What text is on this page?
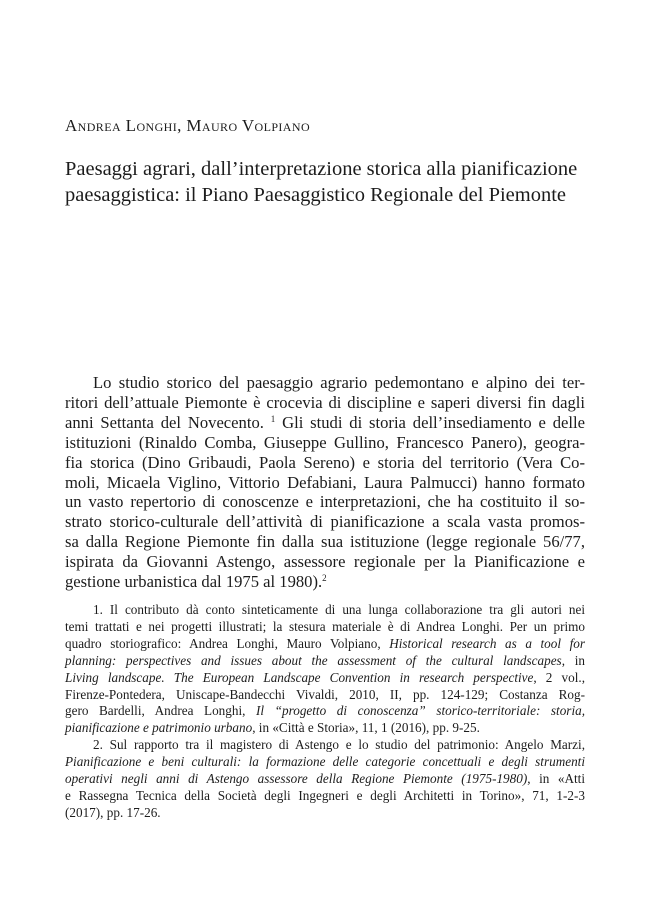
Andrea Longhi, Mauro Volpiano
Paesaggi agrari, dall’interpretazione storica alla pianificazione
paesaggistica: il Piano Paesaggistico Regionale del Piemonte
Lo studio storico del paesaggio agrario pedemontano e alpino dei ter-
ritori dell’attuale Piemonte è crocevia di discipline e saperi diversi fin dagli
anni Settanta del Novecento. $^1$ Gli studi di storia dell’insediamento e delle
istituzioni (Rinaldo Comba, Giuseppe Gullino, Francesco Panero), geogra-
fia storica (Dino Gribaudi, Paola Sereno) e storia del territorio (Vera Co-
moli, Micaela Viglino, Vittorio Defabiani, Laura Palmucci) hanno formato
un vasto repertorio di conoscenze e interpretazioni, che ha costituito il so-
strato storico-culturale dell’attività di pianificazione a scala vasta promos-
sa dalla Regione Piemonte fin dalla sua istituzione (legge regionale 56/77,
ispirata da Giovanni Astengo, assessore regionale per la Pianificazione e
gestione urbanistica dal 1975 al 1980).$^2$
1. Il contributo dà conto sinteticamente di una lunga collaborazione tra gli autori nei
temi trattati e nei progetti illustrati; la stesura materiale è di Andrea Longhi. Per un primo
quadro storiografico: Andrea Longhi, Mauro Volpiano, Historical research as a tool for
planning: perspectives and issues about the assessment of the cultural landscapes, in
Living landscape. The European Landscape Convention in research perspective, 2 vol.,
Firenze-Pontedera, Uniscape-Bandecchi Vivaldi, 2010, II, pp. 124-129; Costanza Rog-
gero Bardelli, Andrea Longhi, Il “progetto di conoscenza” storico-territoriale: storia,
pianificazione e patrimonio urbano, in «Città e Storia», 11, 1 (2016), pp. 9-25.
2. Sul rapporto tra il magistero di Astengo e lo studio del patrimonio: Angelo Marzi,
Pianificazione e beni culturali: la formazione delle categorie concettuali e degli strumenti
operativi negli anni di Astengo assessore della Regione Piemonte (1975-1980), in «Atti
e Rassegna Tecnica della Società degli Ingegneri e degli Architetti in Torino», 71, 1-2-3
(2017), pp. 17-26.
